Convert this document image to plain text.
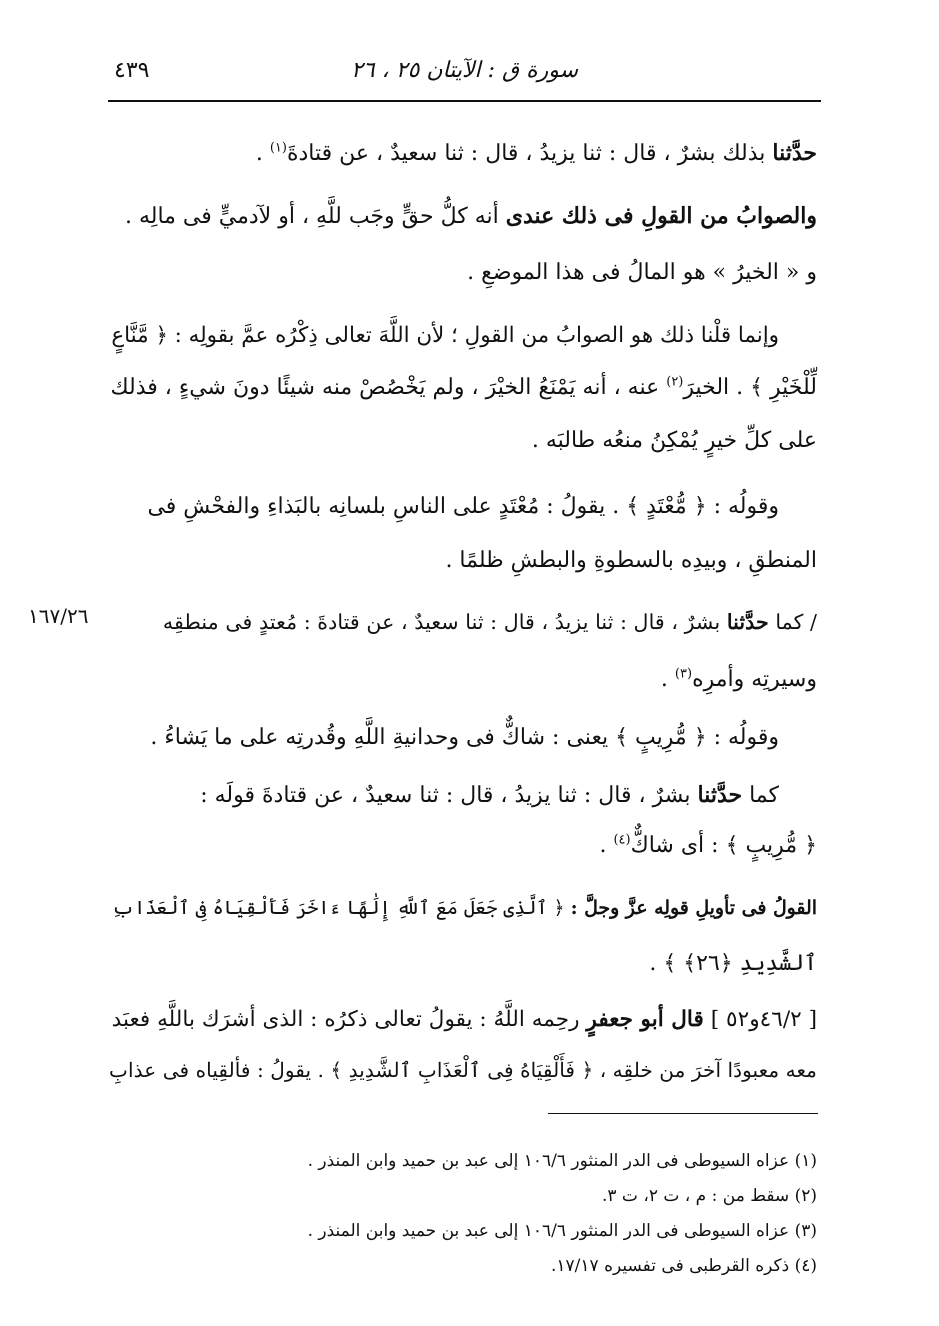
٤٣٩	سورة ق : الآيتان ٢٥ ، ٢٦
حدَّثنا بذلك بشرٌ ، قال : ثنا يزيدُ ، قال : ثنا سعيدٌ ، عن قتادةَ$^{(١)}$ .
والصوابُ من القولِ فى ذلك عندى أنه كلُّ حقٍّ وجَب للَّهِ ، أو لآدميٍّ فى مالِه .
و « الخيرُ » هو المالُ فى هذا الموضعِ .
وإنما قلْنا ذلك هو الصوابُ من القولِ ؛ لأن اللَّهَ تعالى ذِكْرُه عمَّ بقولِه : ﴿ مَّنَّاعٍ
لِّلْخَيْرِ ﴾ . الخيرَ$^{(٢)}$ عنه ، أنه يَمْنَعُ الخيْرَ ، ولم يَخْصُصْ منه شيئًا دونَ شيءٍ ، فذلك
على كلِّ خيرٍ يُمْكِنُ منعُه طالبَه .
وقولُه : ﴿ مُّعْتَدٍ ﴾ . يقولُ : مُعْتَدٍ على الناسِ بلسانِه بالبَذاءِ والفحْشِ فى
المنطقِ ، وبيدِه بالسطوةِ والبطشِ ظلمًا .
/ كما حدَّثنا بشرٌ ، قال : ثنا يزيدُ ، قال : ثنا سعيدٌ ، عن قتادةَ : مُعتدٍ فى منطقِه
١٦٧/٢٦
وسيرتِه وأمرِه$^{(٣)}$ .
وقولُه : ﴿ مُّرِيبٍ ﴾ يعنى : شاكٌّ فى وحدانيةِ اللَّهِ وقُدرتِه على ما يَشاءُ .
كما حدَّثنا بشرٌ ، قال : ثنا يزيدُ ، قال : ثنا سعيدٌ ، عن قتادةَ قولَه :
﴿ مُّرِيبٍ ﴾ : أى شاكٌّ$^{(٤)}$ .
القولُ فى تأويلِ قولِه عزَّ وجلَّ : ﴿ ٱلَّذِى جَعَلَ مَعَ ٱللَّهِ إِلَٰهًا ءَاخَرَ فَأَلْقِيَاهُ فِى ٱلْعَذَابِ
ٱلشَّدِيدِ ﴿٢٦﴾ ﴾ .
[ ٤٦/٢و٥٢ ] قال أبو جعفرٍ رحِمه اللَّهُ : يقولُ تعالى ذكرُه : الذى أشرَك باللَّهِ فعبَد
معه معبودًا آخرَ من خلقِه ، ﴿ فَأَلْقِيَاهُ فِى ٱلْعَذَابِ ٱلشَّدِيدِ ﴾ . يقولُ : فألقِياه فى عذابِ
(١) عزاه السيوطى فى الدر المنثور ١٠٦/٦ إلى عبد بن حميد وابن المنذر .
(٢) سقط من : م ، ت ٢، ت ٣.
(٣) عزاه السيوطى فى الدر المنثور ١٠٦/٦ إلى عبد بن حميد وابن المنذر .
(٤) ذكره القرطبى فى تفسيره ١٧/١٧.
